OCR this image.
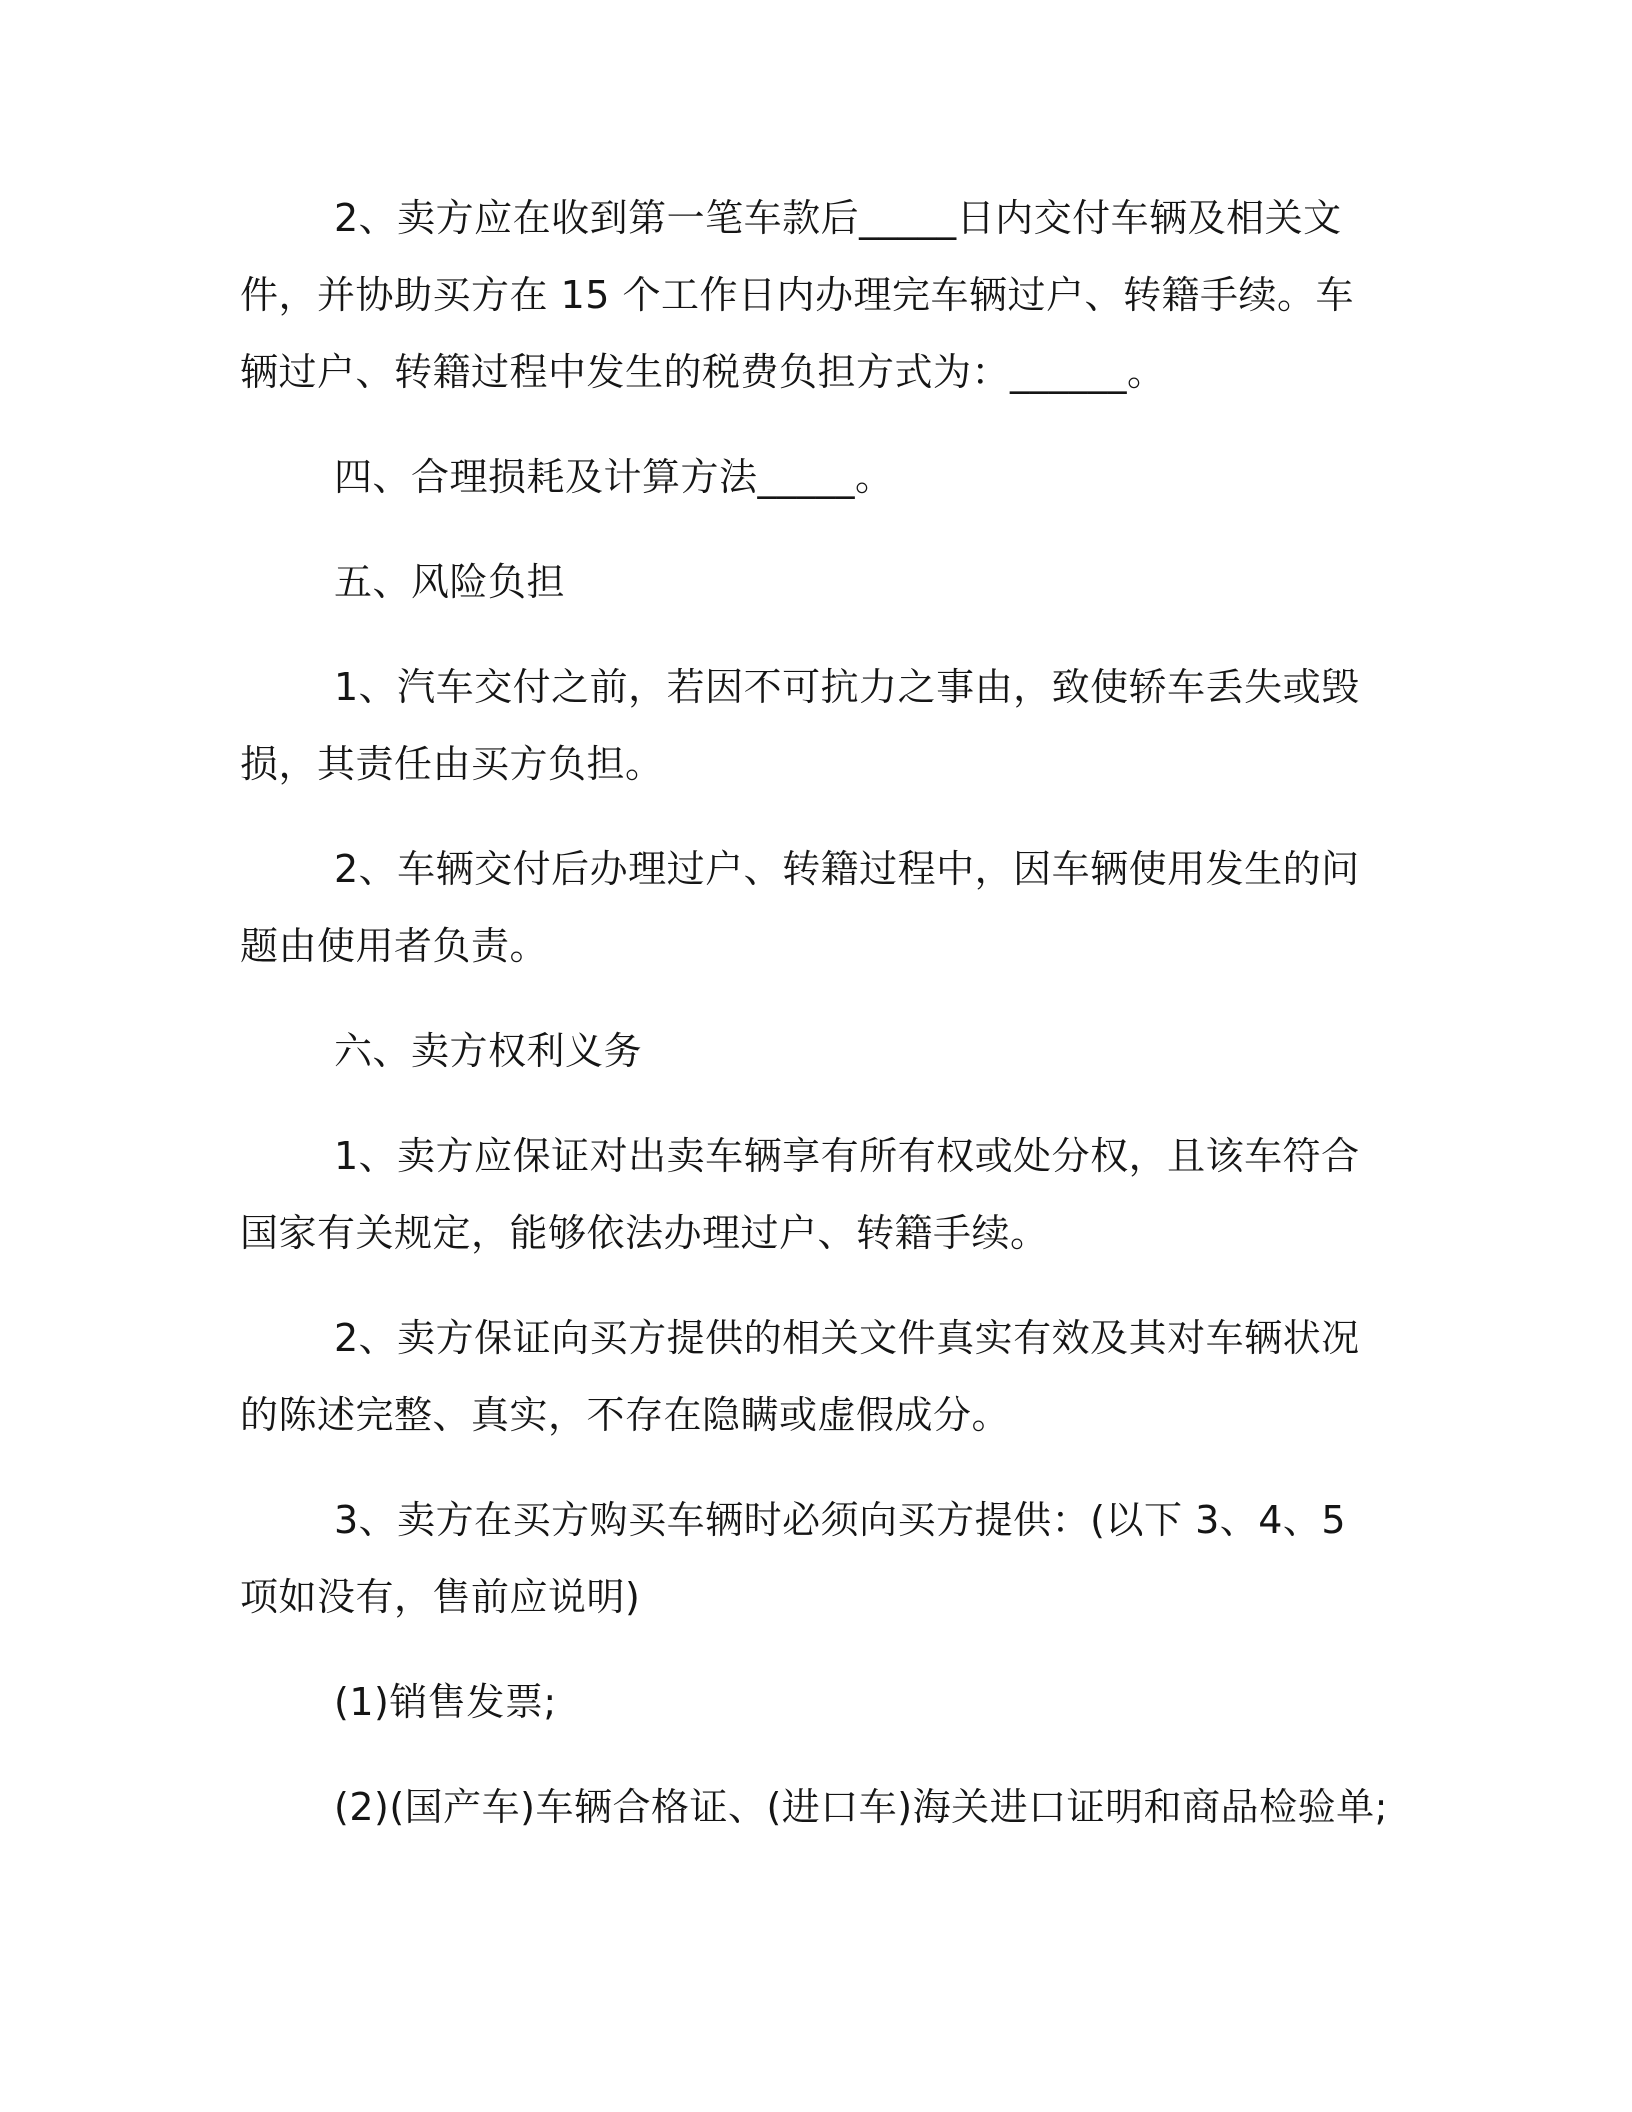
2、卖方应在收到第一笔车款后_____日内交付车辆及相关文件，并协助买方在 15 个工作日内办理完车辆过户、转籍手续。车辆过户、转籍过程中发生的税费负担方式为：______。

四、合理损耗及计算方法_____。

五、风险负担

1、汽车交付之前，若因不可抗力之事由，致使轿车丢失或毁损，其责任由买方负担。

2、车辆交付后办理过户、转籍过程中，因车辆使用发生的问题由使用者负责。

六、卖方权利义务

1、卖方应保证对出卖车辆享有所有权或处分权，且该车符合国家有关规定，能够依法办理过户、转籍手续。

2、卖方保证向买方提供的相关文件真实有效及其对车辆状况的陈述完整、真实，不存在隐瞒或虚假成分。

3、卖方在买方购买车辆时必须向买方提供：(以下 3、4、5 项如没有，售前应说明)

(1)销售发票;

(2)(国产车)车辆合格证、(进口车)海关进口证明和商品检验单;
